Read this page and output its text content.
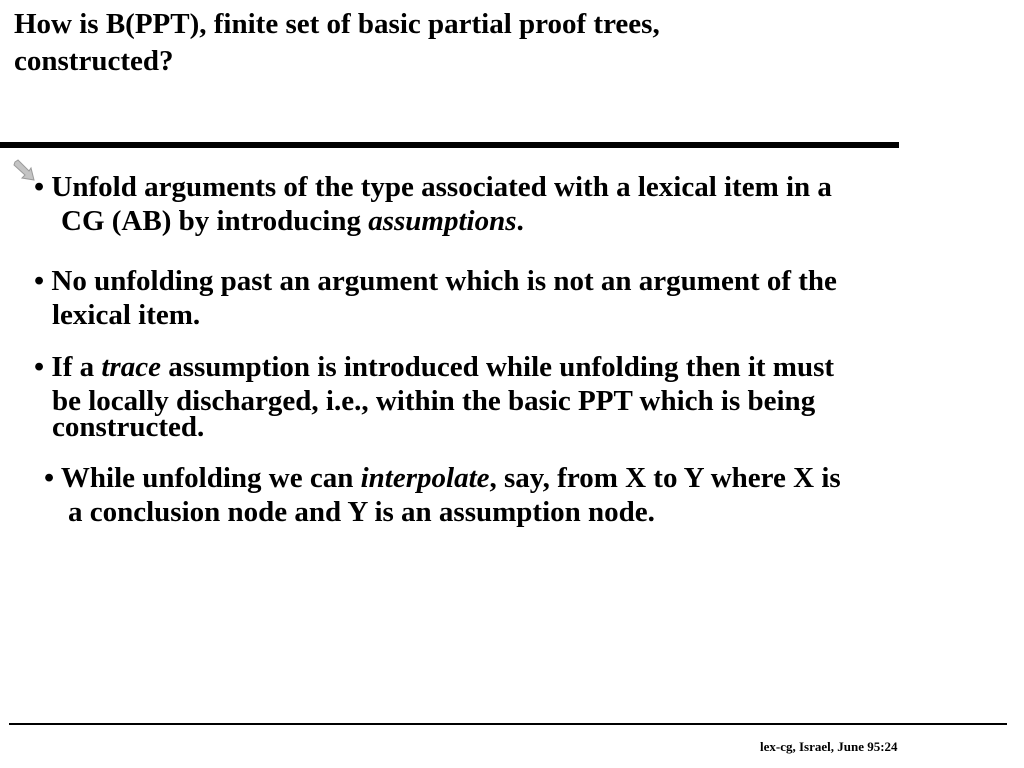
How is B(PPT), finite set of basic partial proof trees,
constructed?
• Unfold arguments of the type associated with a lexical item in a
CG (AB) by introducing assumptions.
• No unfolding past an argument which is not an argument of the
lexical item.
• If a trace assumption is introduced while unfolding then it must
be locally discharged, i.e., within the basic PPT which is being
constructed.
• While unfolding we can interpolate, say, from X to Y where X is
a conclusion node and Y is an assumption node.
lex-cg, Israel, June 95:24
